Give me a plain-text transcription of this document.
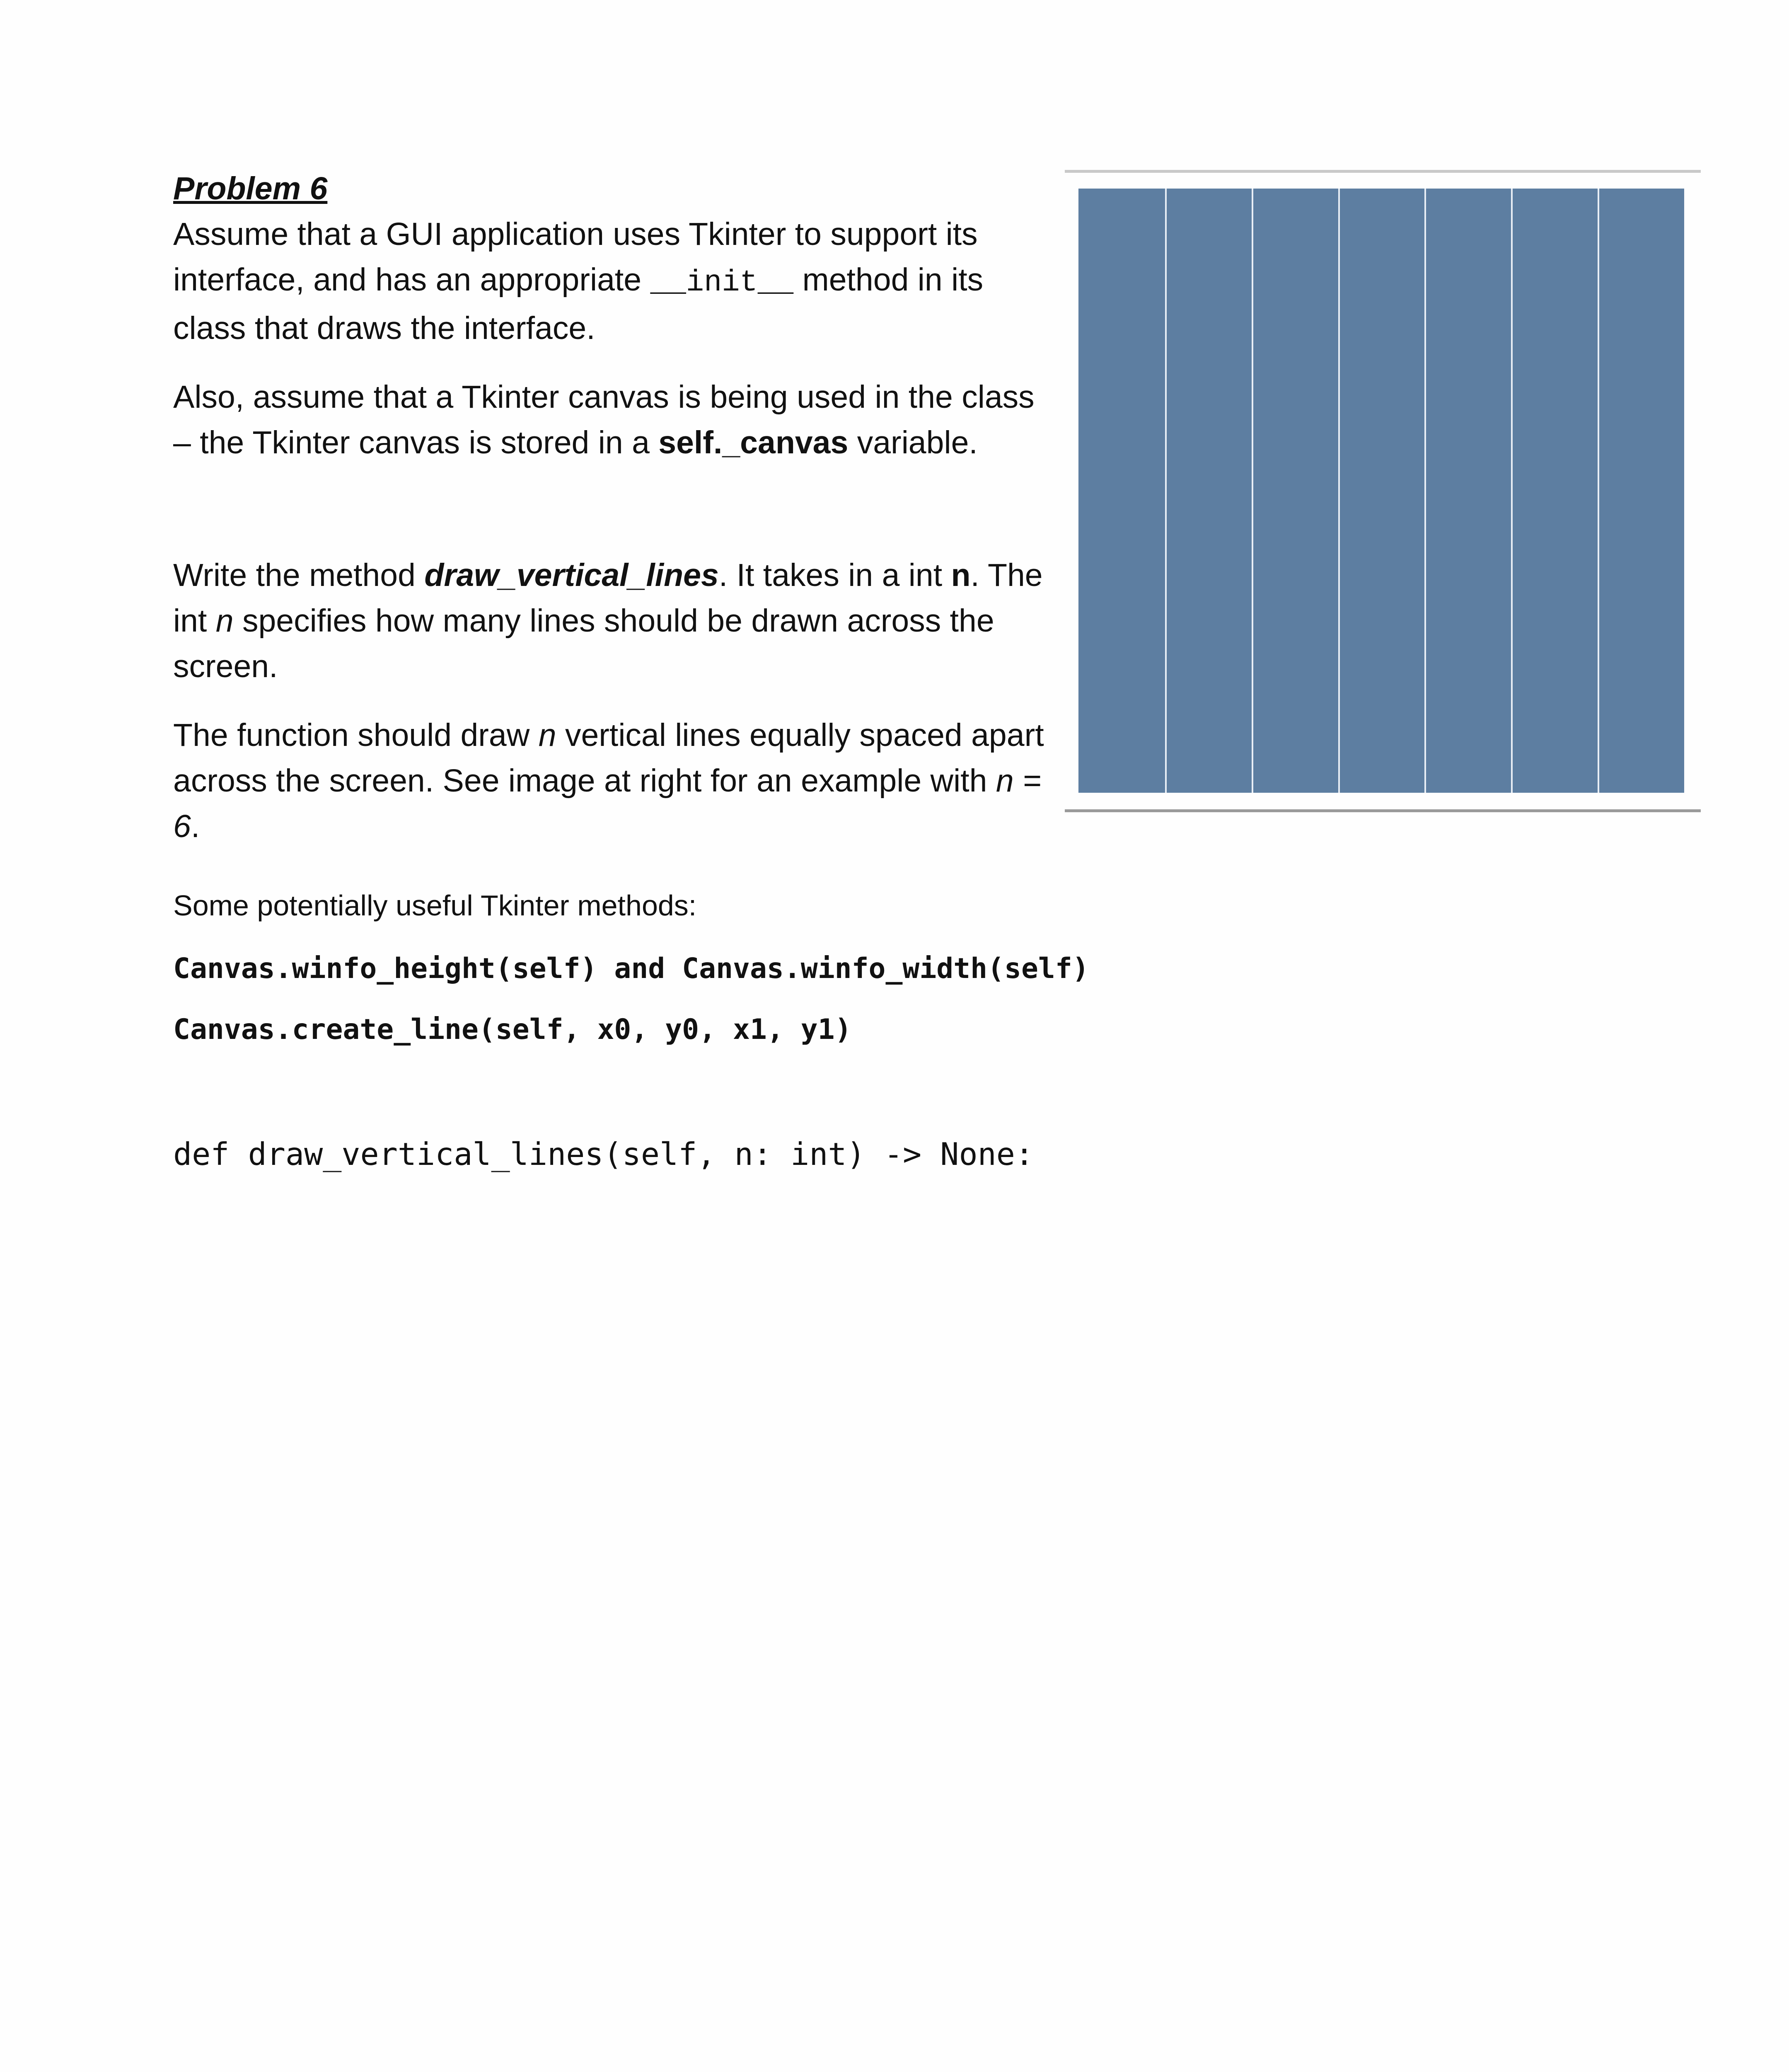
Problem 6

Assume that a GUI application uses Tkinter to support its interface, and has an appropriate __init__ method in its class that draws the interface.

Also, assume that a Tkinter canvas is being used in the class – the Tkinter canvas is stored in a self._canvas variable.

Write the method draw_vertical_lines. It takes in a int n. The int n specifies how many lines should be drawn across the screen.

The function should draw n vertical lines equally spaced apart across the screen. See image at right for an example with n = 6.

Some potentially useful Tkinter methods:

Canvas.winfo_height(self) and Canvas.winfo_width(self)

Canvas.create_line(self, x0, y0, x1, y1)

def draw_vertical_lines(self, n: int) -> None:
